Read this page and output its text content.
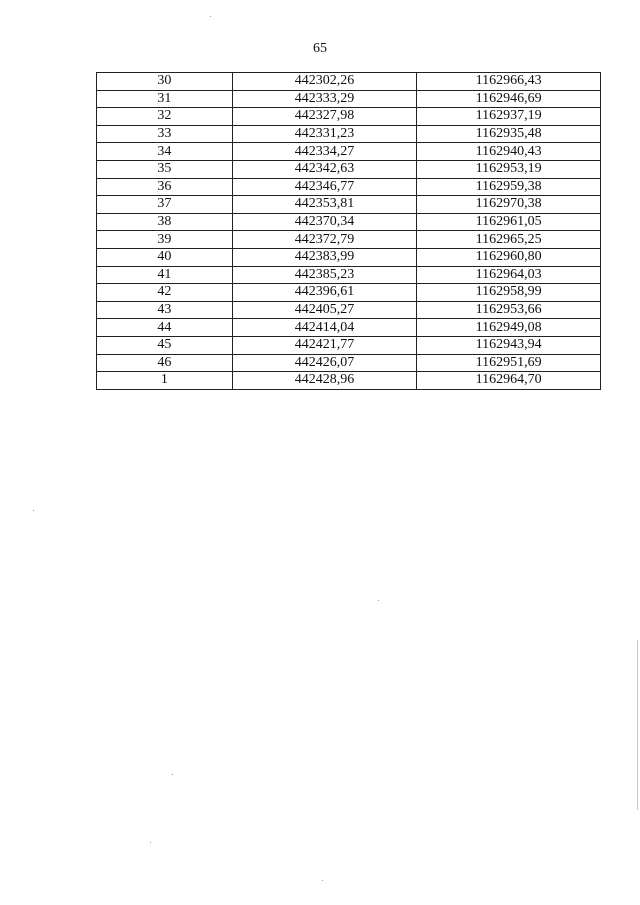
65
30	442302,26	1162966,43
31	442333,29	1162946,69
32	442327,98	1162937,19
33	442331,23	1162935,48
34	442334,27	1162940,43
35	442342,63	1162953,19
36	442346,77	1162959,38
37	442353,81	1162970,38
38	442370,34	1162961,05
39	442372,79	1162965,25
40	442383,99	1162960,80
41	442385,23	1162964,03
42	442396,61	1162958,99
43	442405,27	1162953,66
44	442414,04	1162949,08
45	442421,77	1162943,94
46	442426,07	1162951,69
1	442428,96	1162964,70
